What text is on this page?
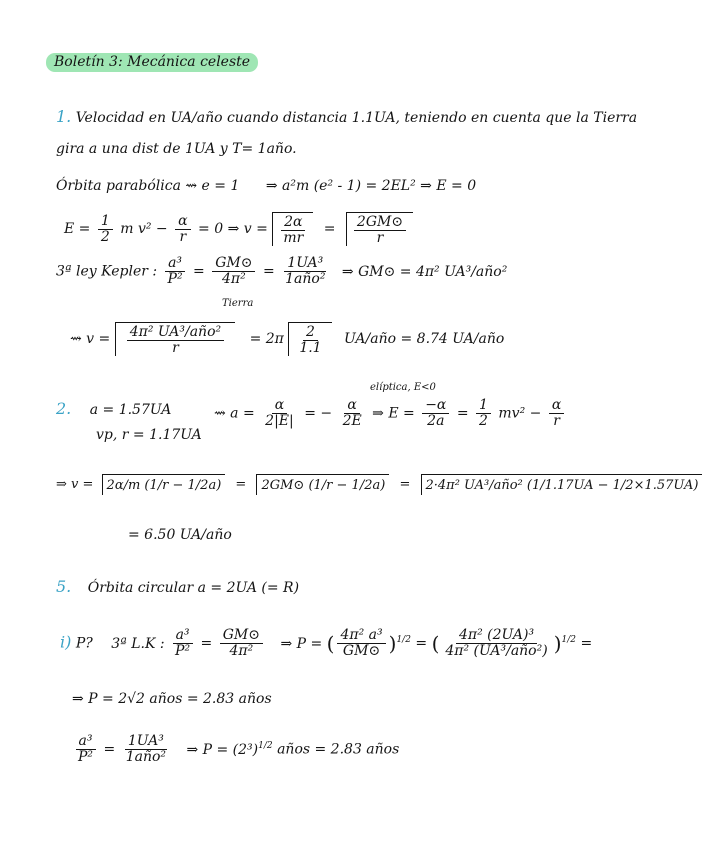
Boletín 3: Mecánica celeste
1. Velocidad en UA/año cuando distancia 1.1UA, teniendo en cuenta que la Tierra
gira a una dist de 1UA y T= 1año.
Órbita parabólica ⇝ e = 1 ⇒ a²m (e² - 1) = 2EL² ⇒ E = 0
$E = \frac{1}{2}$ m $v^2 - \frac{\alpha}{r} = 0$ ⇒ $v = \frac{2\alpha}{mr} = \frac{2GM⊙}{r}$
3ª ley Kepler : $\frac{\text{a³}}{\text{P²}} = \frac{GM⊙}{\text{4π²}} = \frac{\text{1UA³}}{\text{1año²}}$ ⇒ GM⊙ = 4π² UA³/año²
Tierra
⇝ $v = \frac{\text{4π² UA³/año²}}{r} = 2\pi \frac{2}{1.1}$ UA/año = 8.74 UA/año
elíptica, E<0
2. a = 1.57UA	⇝ $a = \frac{\alpha}{2|E|}$ = − $\frac{\alpha}{2E}$ ⇒ $E = \frac{-\alpha}{2a} = \frac{1}{2} mv^2 - \frac{\alpha}{r}$
vp, r = 1.17UA
⇒ v = 2α/m (1/r − 1/2a) = 2GM⊙ (1/r − 1/2a) = 2·4π² UA³/año² (1/1.17UA − 1/2×1.57UA)
= 6.50 UA/año
5. Órbita circular a = 2UA (= R)
i) P? 3ª L.K : $\frac{\text{a³}}{\text{P²}} = \frac{GM⊙}{\text{4π²}}$ ⇒ P = ( $\frac{\text{4π² a³}}{GM⊙} )^{1/2}$ = ( $\frac{\text{4π² (2UA)³}}{\text{4π² (UA³/año²)}} )^{1/2}$ =
⇒ P = 2√2 años = 2.83 años
$\frac{\text{a³}}{\text{P²}} = \frac{\text{1UA³}}{\text{1año²}}$ ⇒ $P = (2^3)^{1/2}$ años = 2.83 años
